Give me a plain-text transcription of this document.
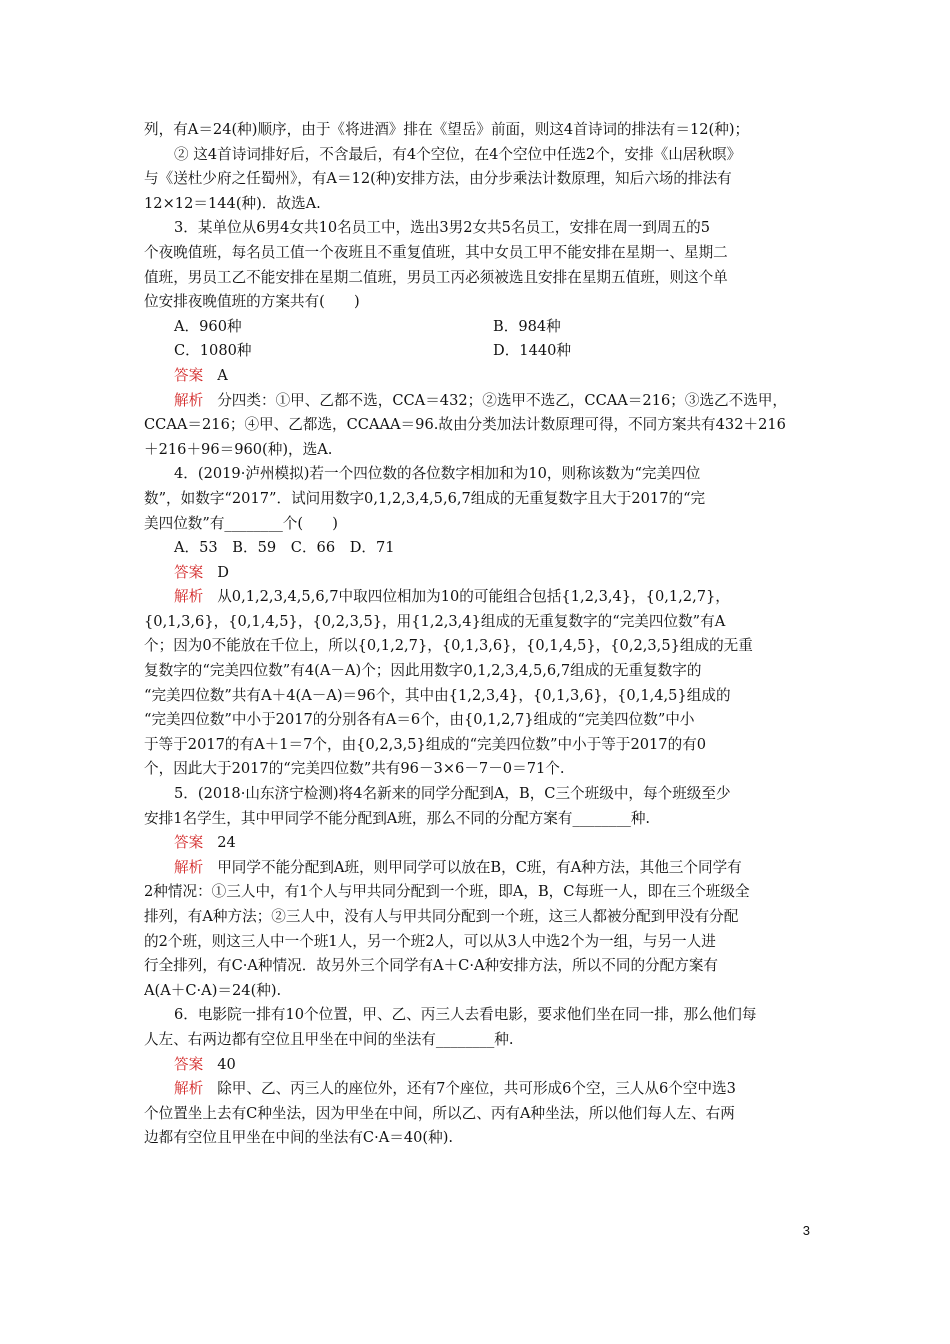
列，有A＝24(种)顺序，由于《将进酒》排在《望岳》前面，则这4首诗词的排法有＝12(种)；
② 这4首诗词排好后，不含最后，有4个空位，在4个空位中任选2个，安排《山居秋暝》
与《送杜少府之任蜀州》，有A＝12(种)安排方法，由分步乘法计数原理，知后六场的排法有
12×12＝144(种)．故选A.
3．某单位从6男4女共10名员工中，选出3男2女共5名员工，安排在周一到周五的5
个夜晚值班，每名员工值一个夜班且不重复值班，其中女员工甲不能安排在星期一、星期二
值班，男员工乙不能安排在星期二值班，男员工丙必须被选且安排在星期五值班，则这个单
位安排夜晚值班的方案共有(　　)
A．960种	B．984种
C．1080种	D．1440种
答案 A
解析 分四类：①甲、乙都不选，CCA＝432；②选甲不选乙，CCAA＝216；③选乙不选甲，
CCAA＝216；④甲、乙都选，CCAAA＝96.故由分类加法计数原理可得，不同方案共有432＋216
＋216＋96＝960(种)，选A.
4．(2019·泸州模拟)若一个四位数的各位数字相加和为10，则称该数为“完美四位
数”，如数字“2017”．试问用数字0,1,2,3,4,5,6,7组成的无重复数字且大于2017的“完
美四位数”有________个(　　)
A．53　B．59　C．66　D．71
答案 D
解析 从0,1,2,3,4,5,6,7中取四位相加为10的可能组合包括{1,2,3,4}，{0,1,2,7}，
{0,1,3,6}，{0,1,4,5}，{0,2,3,5}，用{1,2,3,4}组成的无重复数字的“完美四位数”有A
个；因为0不能放在千位上，所以{0,1,2,7}，{0,1,3,6}，{0,1,4,5}，{0,2,3,5}组成的无重
复数字的“完美四位数”有4(A－A)个；因此用数字0,1,2,3,4,5,6,7组成的无重复数字的
“完美四位数”共有A＋4(A－A)＝96个，其中由{1,2,3,4}，{0,1,3,6}，{0,1,4,5}组成的
“完美四位数”中小于2017的分别各有A＝6个，由{0,1,2,7}组成的“完美四位数”中小
于等于2017的有A＋1＝7个，由{0,2,3,5}组成的“完美四位数”中小于等于2017的有0
个，因此大于2017的“完美四位数”共有96－3×6－7－0＝71个.
5．(2018·山东济宁检测)将4名新来的同学分配到A，B，C三个班级中，每个班级至少
安排1名学生，其中甲同学不能分配到A班，那么不同的分配方案有________种.
答案 24
解析 甲同学不能分配到A班，则甲同学可以放在B，C班，有A种方法，其他三个同学有
2种情况：①三人中，有1个人与甲共同分配到一个班，即A，B，C每班一人，即在三个班级全
排列，有A种方法；②三人中，没有人与甲共同分配到一个班，这三人都被分配到甲没有分配
的2个班，则这三人中一个班1人，另一个班2人，可以从3人中选2个为一组，与另一人进
行全排列，有C·A种情况．故另外三个同学有A＋C·A种安排方法，所以不同的分配方案有
A(A＋C·A)＝24(种).
6．电影院一排有10个位置，甲、乙、丙三人去看电影，要求他们坐在同一排，那么他们每
人左、右两边都有空位且甲坐在中间的坐法有________种.
答案 40
解析 除甲、乙、丙三人的座位外，还有7个座位，共可形成6个空，三人从6个空中选3
个位置坐上去有C种坐法，因为甲坐在中间，所以乙、丙有A种坐法，所以他们每人左、右两
边都有空位且甲坐在中间的坐法有C·A＝40(种).
3
